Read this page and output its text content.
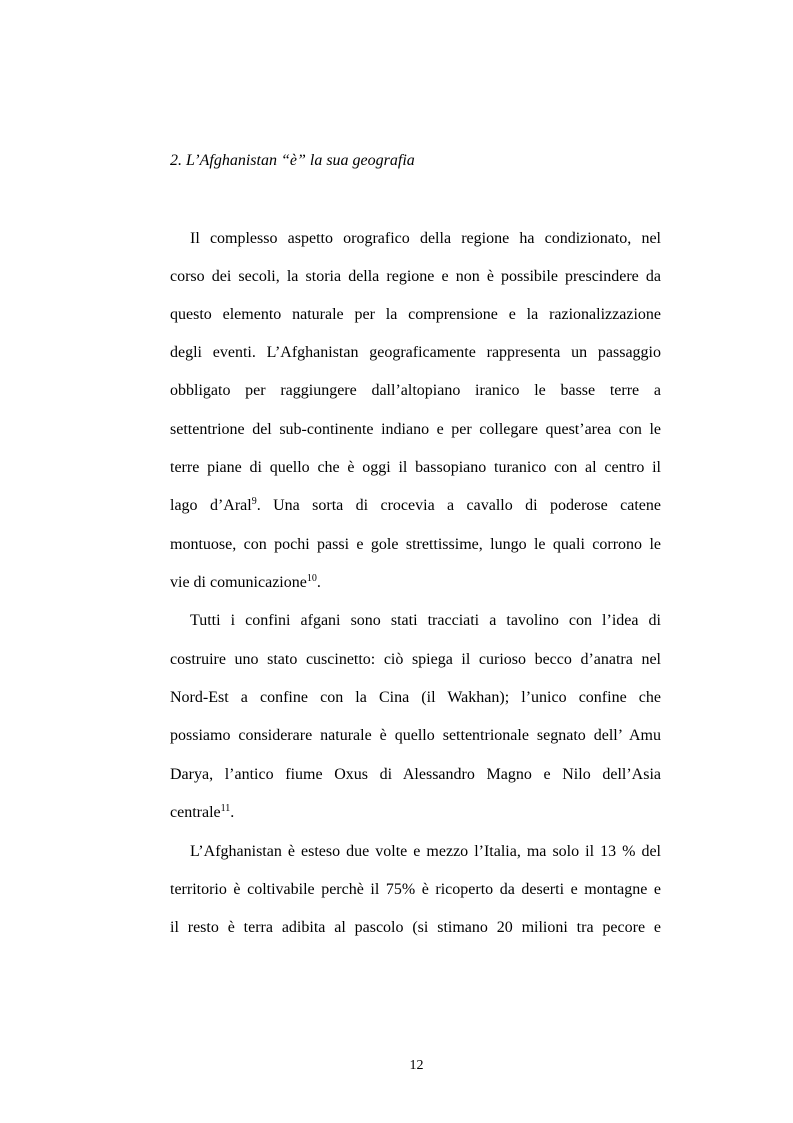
2. L’Afghanistan “è” la sua geografia
Il complesso aspetto orografico della regione ha condizionato, nel
corso dei secoli, la storia della regione e non è possibile prescindere da
questo elemento naturale per la comprensione e la razionalizzazione
degli eventi. L’Afghanistan geograficamente rappresenta un passaggio
obbligato per raggiungere dall’altopiano iranico le basse terre a
settentrione del sub-continente indiano e per collegare quest’area con le
terre piane di quello che è oggi il bassopiano turanico con al centro il
lago d’Aral$^9$. Una sorta di crocevia a cavallo di poderose catene
montuose, con pochi passi e gole strettissime, lungo le quali corrono le
vie di comunicazione$^{10}$.
Tutti i confini afgani sono stati tracciati a tavolino con l’idea di
costruire uno stato cuscinetto: ciò spiega il curioso becco d’anatra nel
Nord-Est a confine con la Cina (il Wakhan); l’unico confine che
possiamo considerare naturale è quello settentrionale segnato dell’ Amu
Darya, l’antico fiume Oxus di Alessandro Magno e Nilo dell’Asia
centrale$^{11}$.
L’Afghanistan è esteso due volte e mezzo l’Italia, ma solo il 13 % del
territorio è coltivabile perchè il 75% è ricoperto da deserti e montagne e
il resto è terra adibita al pascolo (si stimano 20 milioni tra pecore e
12
